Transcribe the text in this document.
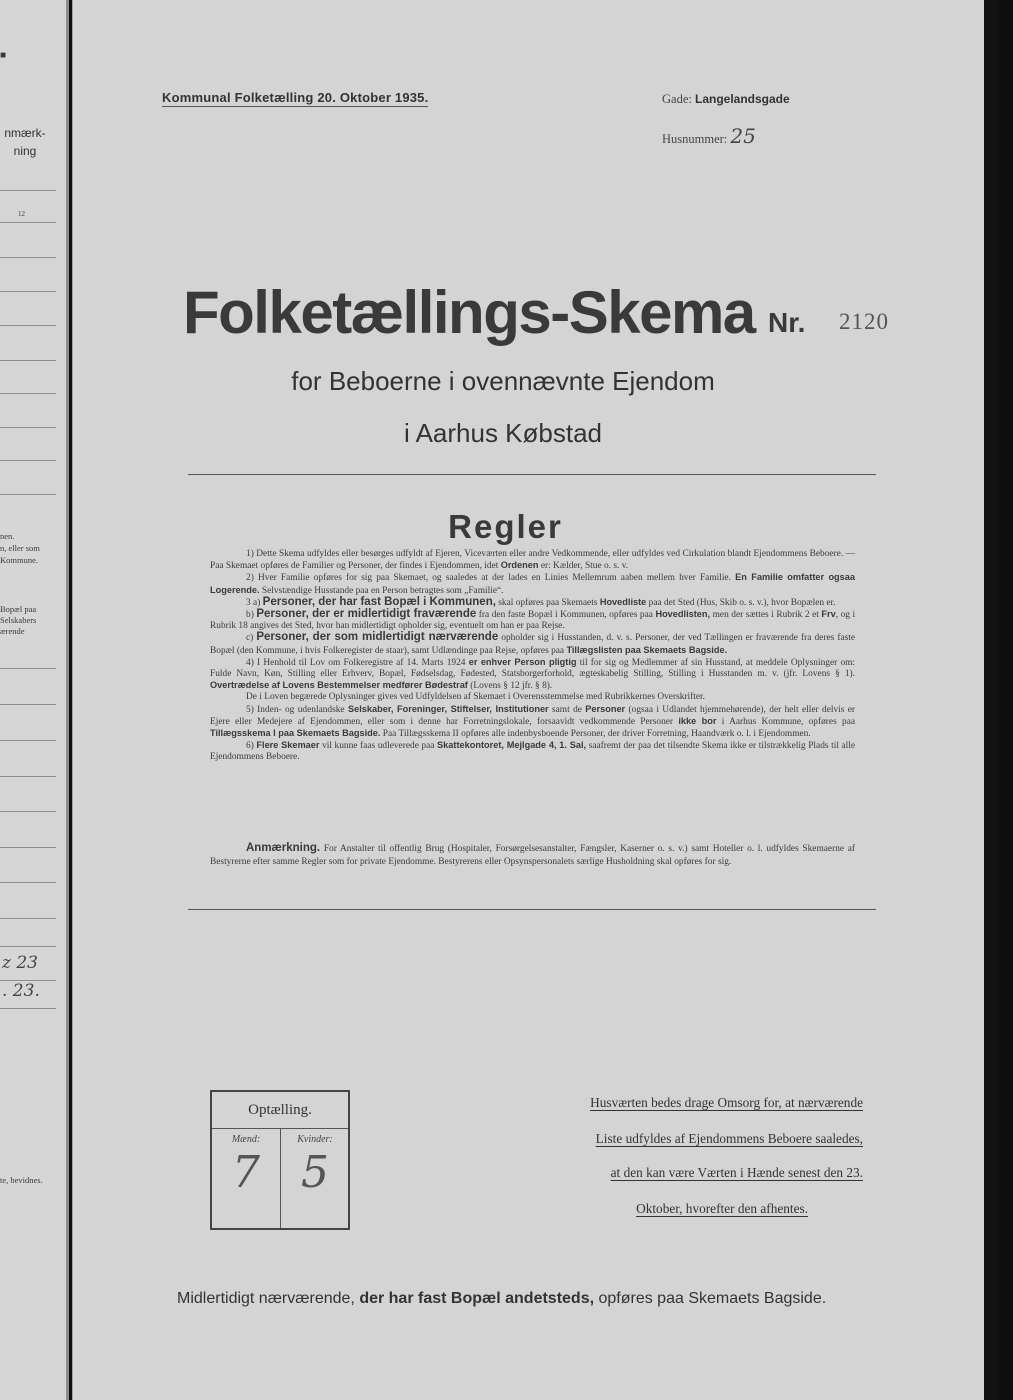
■
nmærk-
ning
12
nen.
n, eller som
Kommune.
Bopæl paa
Selskabers
ærende
z 23
. 23.
te, bevidnes.
Kommunal Folketælling 20. Oktober 1935.	Gade: Langelandsgade
Husnummer: 25
Folketællings-Skema Nr. 2120
for Beboerne i ovennævnte Ejendom
i Aarhus Købstad
Regler

1) Dette Skema udfyldes eller besørges udfyldt af Ejeren, Viceværten eller andre Vedkommende, eller udfyldes ved Cirkulation blandt Ejendommens Beboere. — Paa Skemaet opføres de Familier og Personer, der findes i Ejendommen, idet Ordenen er: Kælder, Stue o. s. v.

2) Hver Familie opføres for sig paa Skemaet, og saaledes at der lades en Linies Mellemrum aaben mellem hver Familie. En Familie omfatter ogsaa Logerende. Selvstændige Husstande paa en Person betragtes som „Familie“.

3 a) Personer, der har fast Bopæl i Kommunen, skal opføres paa Skemaets Hovedliste paa det Sted (Hus, Skib o. s. v.), hvor Bopælen er.

b) Personer, der er midlertidigt fraværende fra den faste Bopæl i Kommunen, opføres paa Hovedlisten, men der sættes i Rubrik 2 et Frv, og i Rubrik 18 angives det Sted, hvor han midlertidigt opholder sig, eventuelt om han er paa Rejse.

c) Personer, der som midlertidigt nærværende opholder sig i Husstanden, d. v. s. Personer, der ved Tællingen er fraværende fra deres faste Bopæl (den Kommune, i hvis Folkeregister de staar), samt Udlændinge paa Rejse, opføres paa Tillægslisten paa Skemaets Bagside.

4) I Henhold til Lov om Folkeregistre af 14. Marts 1924 er enhver Person pligtig til for sig og Medlemmer af sin Husstand, at meddele Oplysninger om: Fulde Navn, Køn, Stilling eller Erhverv, Bopæl, Fødselsdag, Fødested, Statsborgerforhold, ægteskabelig Stilling, Stilling i Husstanden m. v. (jfr. Lovens § 1). Overtrædelse af Lovens Bestemmelser medfører Bødestraf (Lovens § 12 jfr. § 8).

De i Loven begærede Oplysninger gives ved Udfyldelsen af Skemaet i Overensstemmelse med Rubrikkernes Overskrifter.

5) Inden- og udenlandske Selskaber, Foreninger, Stiftelser, Institutioner samt de Personer (ogsaa i Udlandet hjemmehørende), der helt eller delvis er Ejere eller Medejere af Ejendommen, eller som i denne har Forretningslokale, forsaavidt vedkommende Personer ikke bor i Aarhus Kommune, opføres paa Tillægsskema I paa Skemaets Bagside. Paa Tillægsskema II opføres alle indenbysboende Personer, der driver Forretning, Haandværk o. l. i Ejendommen.

6) Flere Skemaer vil kunne faas udleverede paa Skattekontoret, Mejlgade 4, 1. Sal, saafremt der paa det tilsendte Skema ikke er tilstrækkelig Plads til alle Ejendommens Beboere.

Anmærkning. For Anstalter til offentlig Brug (Hospitaler, Forsørgelsesanstalter, Fængsler, Kaserner o. s. v.) samt Hoteller o. l. udfyldes Skemaerne af Bestyrerne efter samme Regler som for private Ejendomme. Bestyrerens eller Opsynspersonalets særlige Husholdning skal opføres for sig.

Optælling.
Mænd:
7
Kvinder:
5
Husværten bedes drage Omsorg for, at nærværende
Liste udfyldes af Ejendommens Beboere saaledes,
at den kan være Værten i Hænde senest den 23.
Oktober, hvorefter den afhentes.
Midlertidigt nærværende, der har fast Bopæl andetsteds, opføres paa Skemaets Bagside.
